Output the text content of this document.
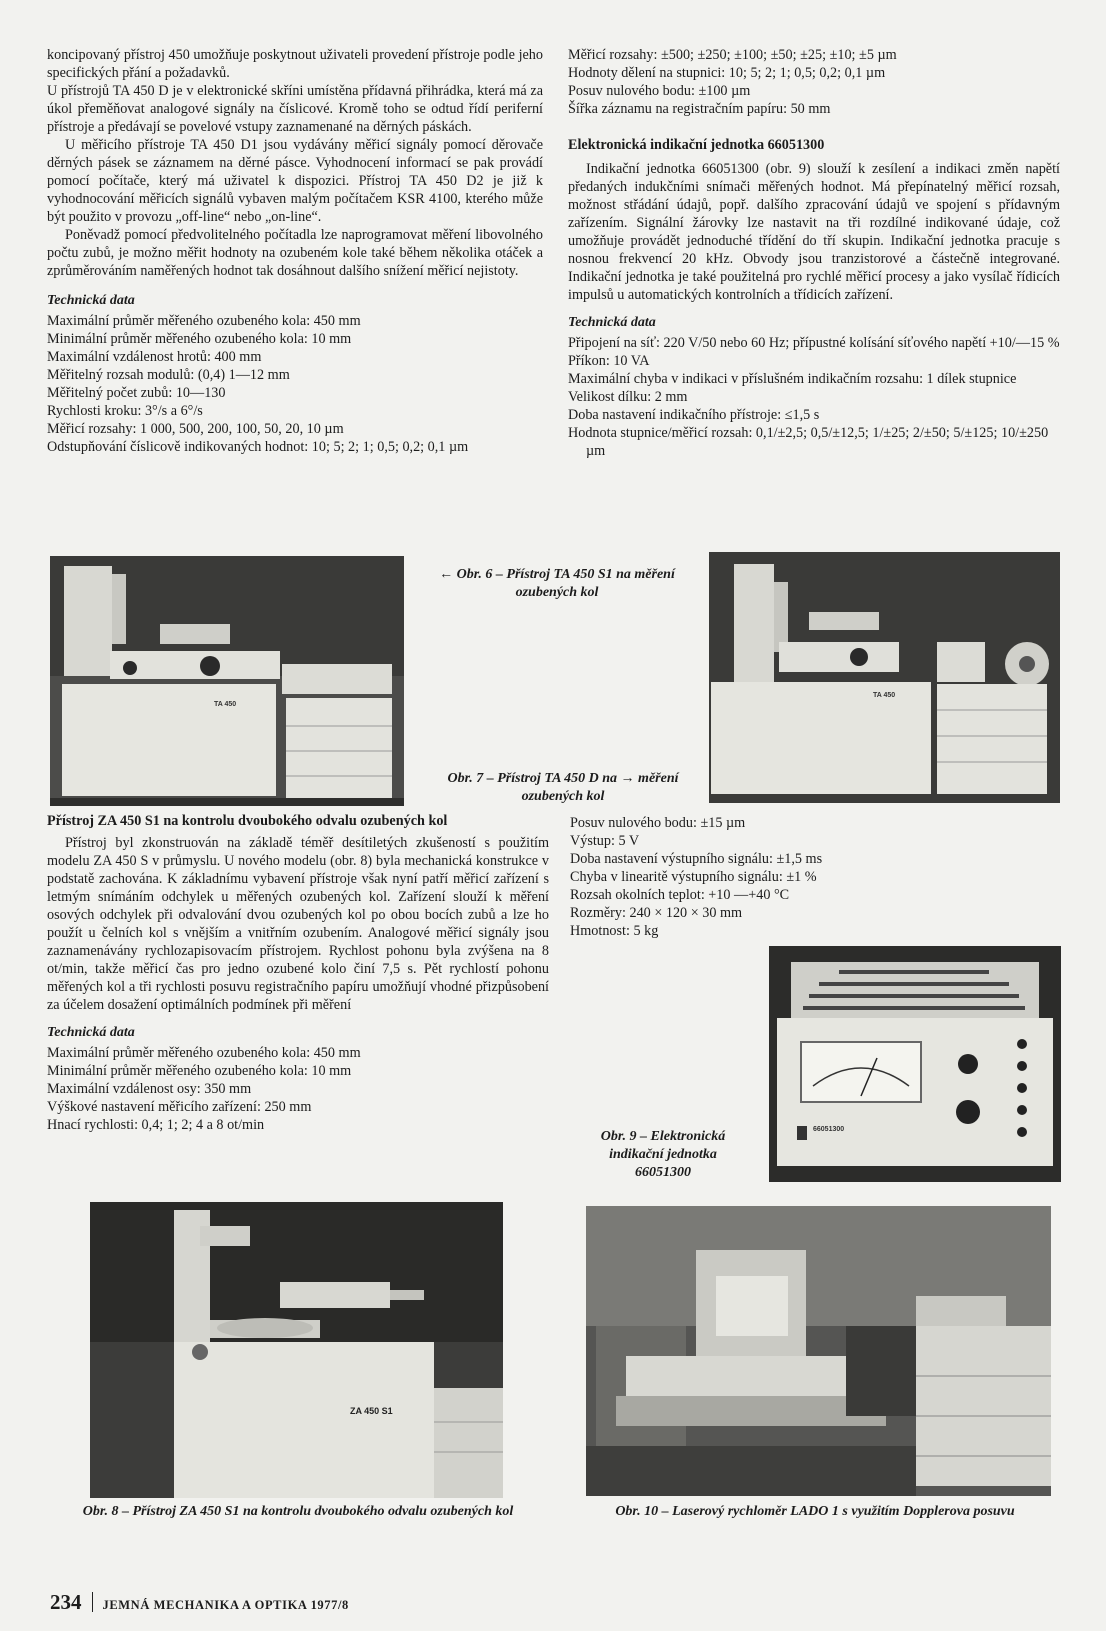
koncipovaný přístroj 450 umožňuje poskytnout uživateli provedení přístroje podle jeho specifických přání a požadavků.

U přístrojů TA 450 D je v elektronické skříni umístěna přídavná přihrádka, která má za úkol přeměňovat analogové signály na číslicové. Kromě toho se odtud řídí periferní přístroje a předávají se povelové vstupy zaznamenané na děrných páskách.

U měřicího přístroje TA 450 D1 jsou vydávány měřicí signály pomocí děrovače děrných pásek se záznamem na děrné pásce. Vyhodnocení informací se pak provádí pomocí počítače, který má uživatel k dispozici. Přístroj TA 450 D2 je již k vyhodnocování měřicích signálů vybaven malým počítačem KSR 4100, kterého může být použito v provozu „off-line“ nebo „on-line“.

Poněvadž pomocí předvolitelného počítadla lze naprogramovat měření libovolného počtu zubů, je možno měřit hodnoty na ozubeném kole také během několika otáček a zprůměrováním naměřených hodnot tak dosáhnout dalšího snížení měřicí nejistoty.

Technická data
Maximální průměr měřeného ozubeného kola: 450 mm
Minimální průměr měřeného ozubeného kola: 10 mm
Maximální vzdálenost hrotů: 400 mm
Měřitelný rozsah modulů: (0,4) 1—12 mm
Měřitelný počet zubů: 10—130
Rychlosti kroku: 3°/s a 6°/s
Měřicí rozsahy: 1 000, 500, 200, 100, 50, 20, 10 µm
Odstupňování číslicově indikovaných hodnot: 10; 5; 2; 1; 0,5; 0,2; 0,1 µm
Měřicí rozsahy: ±500; ±250; ±100; ±50; ±25; ±10; ±5 µm
Hodnoty dělení na stupnici: 10; 5; 2; 1; 0,5; 0,2; 0,1 µm
Posuv nulového bodu: ±100 µm
Šířka záznamu na registračním papíru: 50 mm
Elektronická indikační jednotka 66051300

Indikační jednotka 66051300 (obr. 9) slouží k zesílení a indikaci změn napětí předaných indukčními snímači měřených hodnot. Má přepínatelný měřicí rozsah, možnost střádání údajů, popř. dalšího zpracování údajů ve spojení s přídavným zařízením. Signální žárovky lze nastavit na tři rozdílné indikované údaje, což umožňuje provádět jednoduché třídění do tří skupin. Indikační jednotka pracuje s nosnou frekvencí 20 kHz. Obvody jsou tranzistorové a částečně integrované. Indikační jednotka je také použitelná pro rychlé měřicí procesy a jako vysílač řídicích impulsů u automatických kontrolních a třídicích zařízení.

Technická data
Připojení na síť: 220 V/50 nebo 60 Hz; přípustné kolísání síťového napětí +10/—15 %
Příkon: 10 VA
Maximální chyba v indikaci v příslušném indikačním rozsahu: 1 dílek stupnice
Velikost dílku: 2 mm
Doba nastavení indikačního přístroje: ≤1,5 s
Hodnota stupnice/měřicí rozsah: 0,1/±2,5; 0,5/±12,5; 1/±25; 2/±50; 5/±125; 10/±250 µm
TA 450
TA 450
← Obr. 6 – Přístroj TA 450 S1 na měření ozubených kol
Obr. 7 – Přístroj TA 450 D na → měření ozubených kol
Přístroj ZA 450 S1 na kontrolu dvoubokého odvalu ozubených kol

Přístroj byl zkonstruován na základě téměř desítiletých zkušeností s použitím modelu ZA 450 S v průmyslu. U nového modelu (obr. 8) byla mechanická konstrukce v podstatě zachována. K základnímu vybavení přístroje však nyní patří měřicí zařízení s letmým snímáním odchylek u měřených ozubených kol. Zařízení slouží k měření osových odchylek při odvalování dvou ozubených kol po obou bocích zubů a lze ho použít u čelních kol s vnějším a vnitřním ozubením. Analogové měřicí signály jsou zaznamenávány rychlozapisovacím přístrojem. Rychlost pohonu byla zvýšena na 8 ot/min, takže měřicí čas pro jedno ozubené kolo činí 7,5 s. Pět rychlostí pohonu měřených kol a tři rychlosti posuvu registračního papíru umožňují vhodné přizpůsobení za účelem dosažení optimálních podmínek při měření

Technická data
Maximální průměr měřeného ozubeného kola: 450 mm
Minimální průměr měřeného ozubeného kola: 10 mm
Maximální vzdálenost osy: 350 mm
Výškové nastavení měřicího zařízení: 250 mm
Hnací rychlosti: 0,4; 1; 2; 4 a 8 ot/min
Posuv nulového bodu: ±15 µm
Výstup: 5 V
Doba nastavení výstupního signálu: ±1,5 ms
Chyba v linearitě výstupního signálu: ±1 %
Rozsah okolních teplot: +10 —+40 °C
Rozměry: 240 × 120 × 30 mm
Hmotnost: 5 kg
66051300
Obr. 9 – Elektronická indikační jednotka 66051300
ZA 450 S1
Obr. 8 – Přístroj ZA 450 S1 na kontrolu dvoubokého odvalu ozubených kol	Obr. 10 – Laserový rychloměr LADO 1 s využitím Dopplerova posuvu
234 JEMNÁ MECHANIKA A OPTIKA 1977/8
